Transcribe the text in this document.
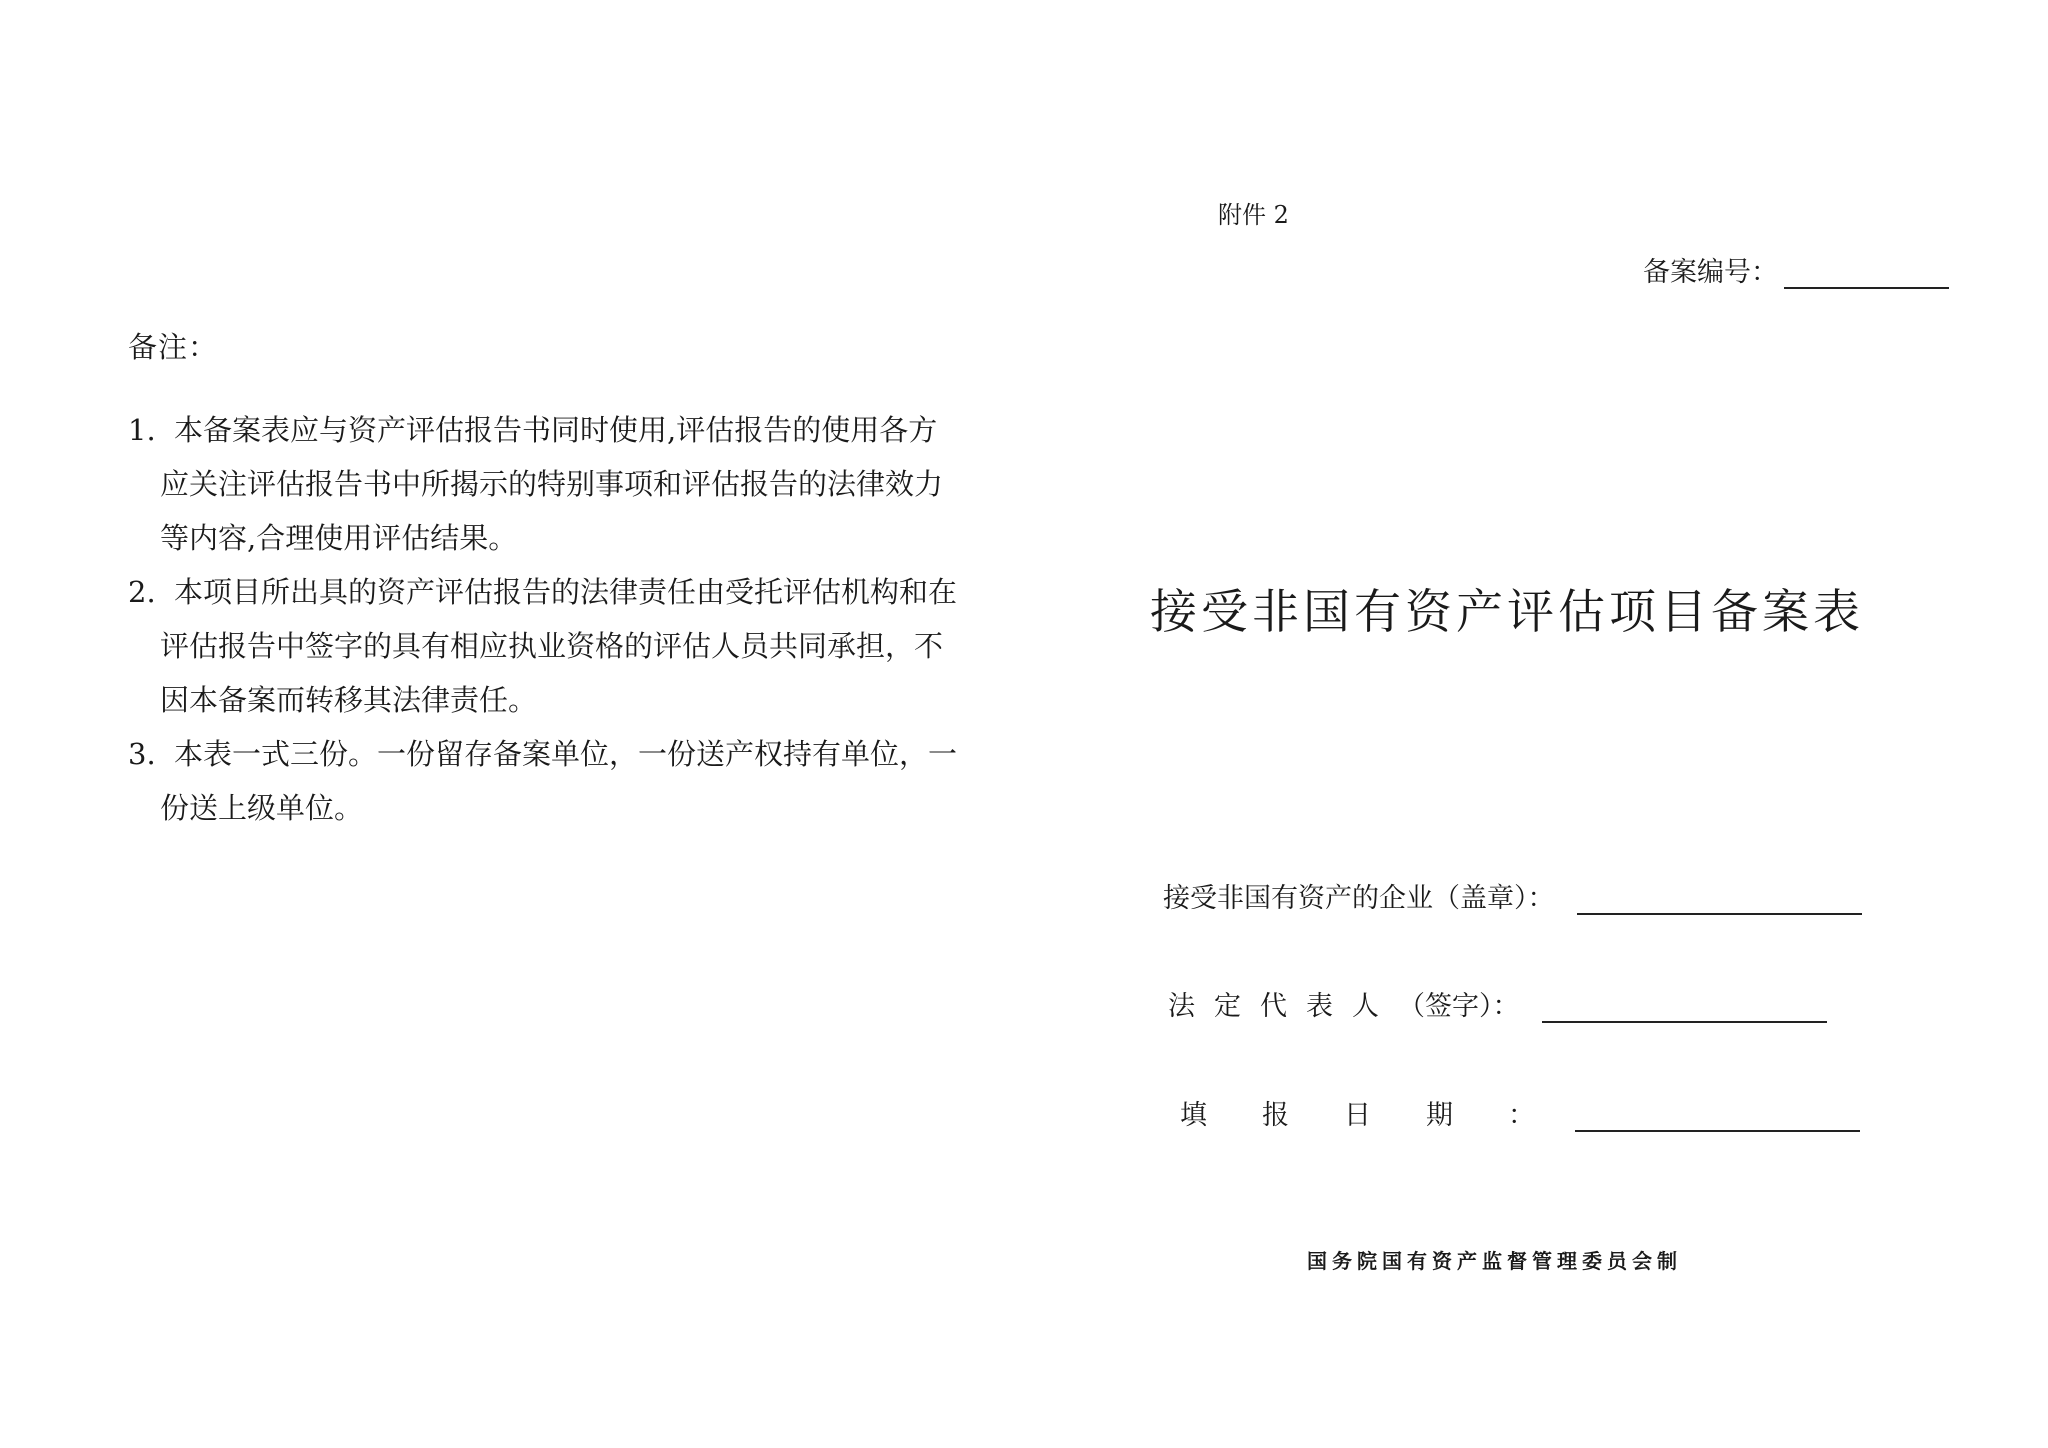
备注：
1. 本备案表应与资产评估报告书同时使用,评估报告的使用各方
应关注评估报告书中所揭示的特别事项和评估报告的法律效力
等内容,合理使用评估结果。
2. 本项目所出具的资产评估报告的法律责任由受托评估机构和在
评估报告中签字的具有相应执业资格的评估人员共同承担，不
因本备案而转移其法律责任。
3. 本表一式三份。一份留存备案单位，一份送产权持有单位，一
份送上级单位。
附件 2
备案编号：
接受非国有资产评估项目备案表
接受非国有资产的企业（盖章）：
法定代表人 （签字）：
填报日期 ：
国务院国有资产监督管理委员会制
